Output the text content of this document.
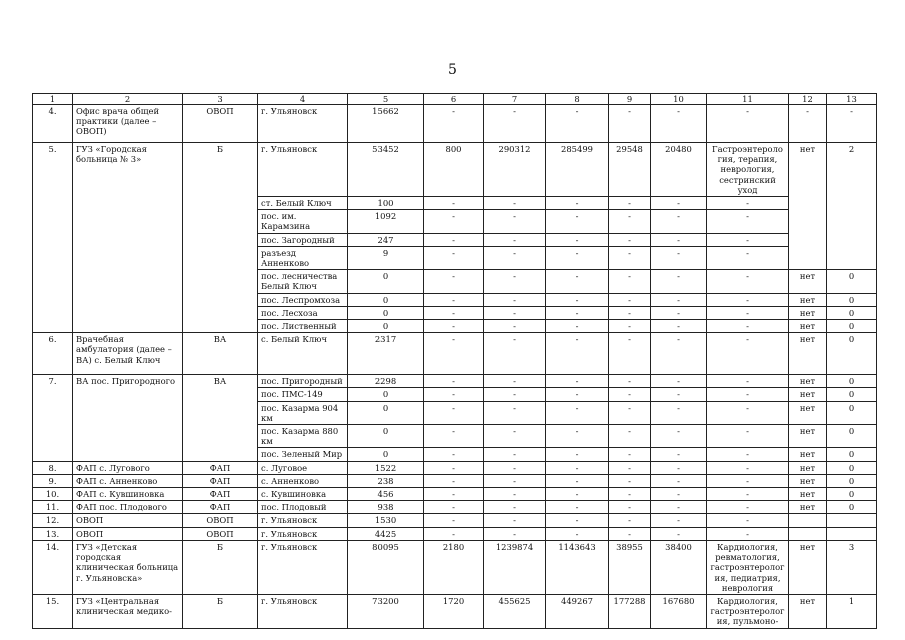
5
1	2	3	4	5	6	7	8	9	10	11	12	13
4.	Офис врача общей практики (далее – ОВОП)	ОВОП	г. Ульяновск	15662	-	-	-	-	-	-	-	-
5.	ГУЗ «Городская больница № 3»	Б	г. Ульяновск	53452	800	290312	285499	29548	20480	Гастроэнтерология, терапия, неврология, сестринский уход	нет	2
			ст. Белый Ключ	100	-	-	-	-	-	-		
			пос. им. Карамзина	1092	-	-	-	-	-	-		
			пос. Загородный	247	-	-	-	-	-	-		
			разъезд Анненково	9	-	-	-	-	-	-		
			пос. лесничества Белый Ключ	0	-	-	-	-	-	-	нет	0
			пос. Леспромхоза	0	-	-	-	-	-	-	нет	0
			пос. Лесхоза	0	-	-	-	-	-	-	нет	0
			пос. Лиственный	0	-	-	-	-	-	-	нет	0
6.	Врачебная амбулатория (далее – ВА) с. Белый Ключ	ВА	с. Белый Ключ	2317	-	-	-	-	-	-	нет	0
7.	ВА пос. Пригородного	ВА	пос. Пригородный	2298	-	-	-	-	-	-	нет	0
			пос. ПМС-149	0	-	-	-	-	-	-	нет	0
			пос. Казарма 904 км	0	-	-	-	-	-	-	нет	0
			пос. Казарма 880 км	0	-	-	-	-	-	-	нет	0
			пос. Зеленый Мир	0	-	-	-	-	-	-	нет	0
8.	ФАП с. Лугового	ФАП	с. Луговое	1522	-	-	-	-	-	-	нет	0
9.	ФАП с. Анненково	ФАП	с. Анненково	238	-	-	-	-	-	-	нет	0
10.	ФАП с. Кувшиновка	ФАП	с. Кувшиновка	456	-	-	-	-	-	-	нет	0
11.	ФАП пос. Плодового	ФАП	пос. Плодовый	938	-	-	-	-	-	-	нет	0
12.	ОВОП	ОВОП	г. Ульяновск	1530	-	-	-	-	-	-		
13.	ОВОП	ОВОП	г. Ульяновск	4425	-	-	-	-	-	-		
14.	ГУЗ «Детская городская клиническая больница г. Ульяновска»	Б	г. Ульяновск	80095	2180	1239874	1143643	38955	38400	Кардиология, ревматология, гастроэнтерология, педиатрия, неврология	нет	3
15.	ГУЗ «Центральная клиническая медико-	Б	г. Ульяновск	73200	1720	455625	449267	177288	167680	Кардиология, гастроэнтерология, пульмоно-	нет	1
